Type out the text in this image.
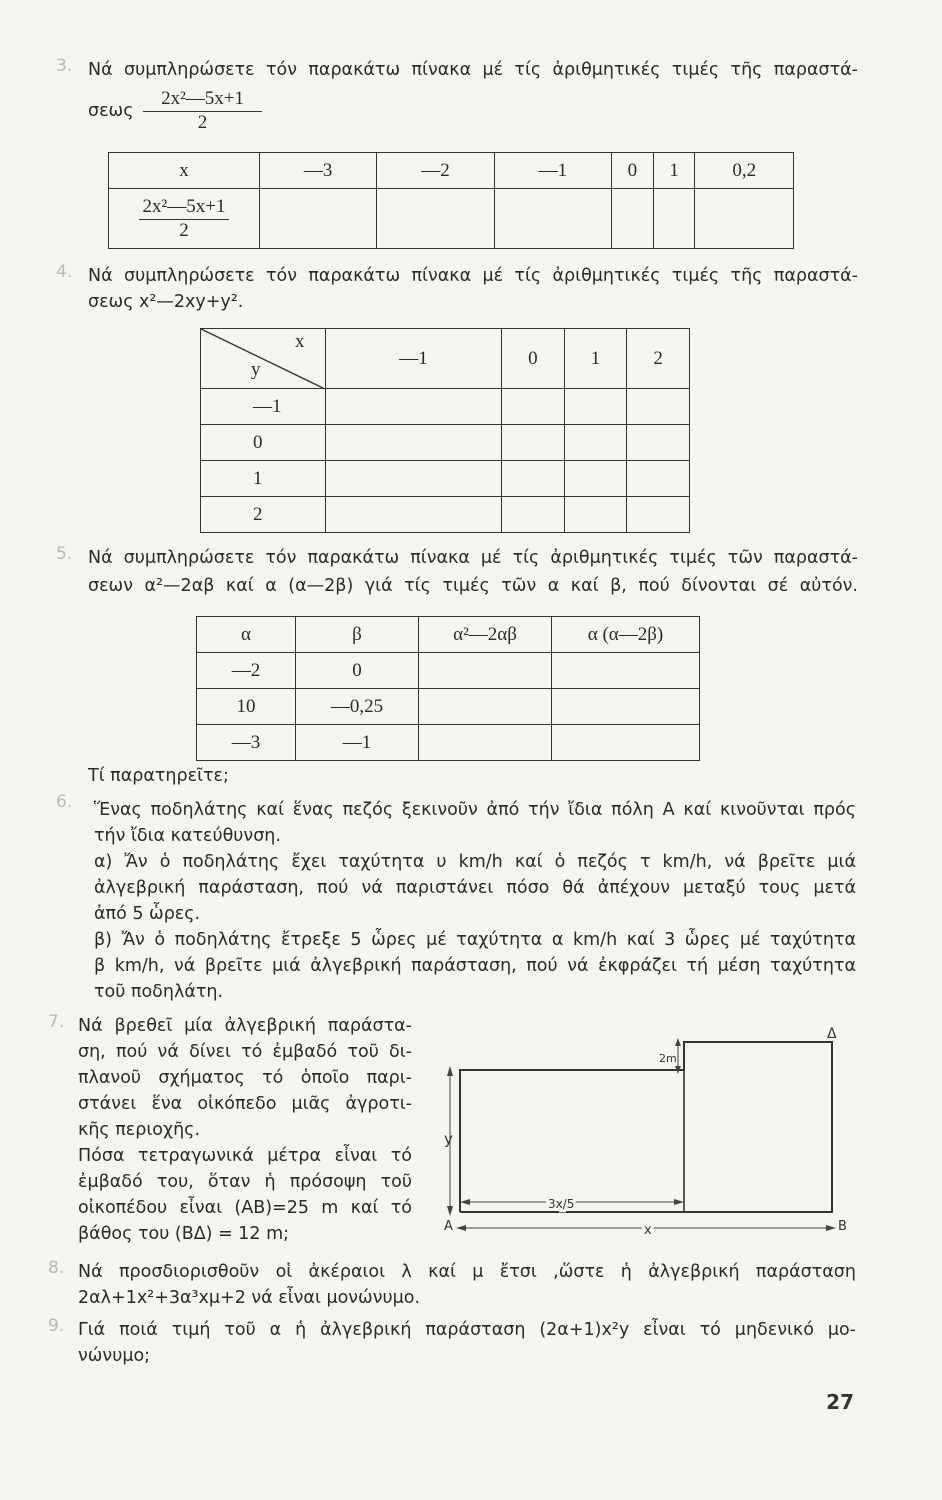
3. Νά συμπληρώσετε τόν παρακάτω πίνακα μέ τίς ἀριθμητικές τιμές τῆς παραστά-
σεως $\frac{\text{2x²—5x+1}}{2}$
x	—3	—2	—1	0	1	0,2

$\frac{\text{2x²—5x+1}}{2}$

4. Νά συμπληρώσετε τόν παρακάτω πίνακα μέ τίς ἀριθμητικές τιμές τῆς παραστά-
σεως x²—2xy+y².
x
y	—1	0	1	2
—1				
0				
1				
2				
5. Νά συμπληρώσετε τόν παρακάτω πίνακα μέ τίς ἀριθμητικές τιμές τῶν παραστά-
σεων α²—2αβ καί α (α—2β) γιά τίς τιμές τῶν α καί β, πού δίνονται σέ αὐτόν.
α	β	α²—2αβ	α (α—2β)
—2	0		
10	—0,25		
—3	—1		
Τί παρατηρεῖτε;
6. Ἕνας ποδηλάτης καί ἕνας πεζός ξεκινοῦν ἀπό τήν ἴδια πόλη Α καί κινοῦνται πρός
τήν ἴδια κατεύθυνση.
α) Ἄν ὁ ποδηλάτης ἔχει ταχύτητα υ km/h καί ὁ πεζός τ km/h, νά βρεῖτε μιά
ἀλγεβρική παράσταση, πού νά παριστάνει πόσο θά ἀπέχουν μεταξύ τους μετά
ἀπό 5 ὧρες.
β) Ἄν ὁ ποδηλάτης ἔτρεξε 5 ὧρες μέ ταχύτητα α km/h καί 3 ὧρες μέ ταχύτητα
β km/h, νά βρεῖτε μιά ἀλγεβρική παράσταση, πού νά ἐκφράζει τή μέση ταχύτητα
τοῦ ποδηλάτη.
7. Νά βρεθεῖ μία ἀλγεβρική παράστα-
ση, πού νά δίνει τό ἐμβαδό τοῦ δι-
πλανοῦ σχήματος τό ὁποῖο παρι-
στάνει ἕνα οἰκόπεδο μιᾶς ἀγροτι-
κῆς περιοχῆς.
Πόσα τετραγωνικά μέτρα εἶναι τό
ἐμβαδό του, ὅταν ἡ πρόσοψη τοῦ
οἰκοπέδου εἶναι (ΑΒ)=25 m καί τό
βάθος του (ΒΔ) = 12 m;
Δ
2m
y
3x/5
A	x	B
8. Νά προσδιορισθοῦν οἱ ἀκέραιοι λ καί μ ἔτσι ,ὥστε ἡ ἀλγεβρική παράσταση
2αλ+1x²+3α³xμ+2 νά εἶναι μονώνυμο.
9. Γιά ποιά τιμή τοῦ α ἡ ἀλγεβρική παράσταση (2α+1)x²y εἶναι τό μηδενικό μο-
νώνυμο;
27
